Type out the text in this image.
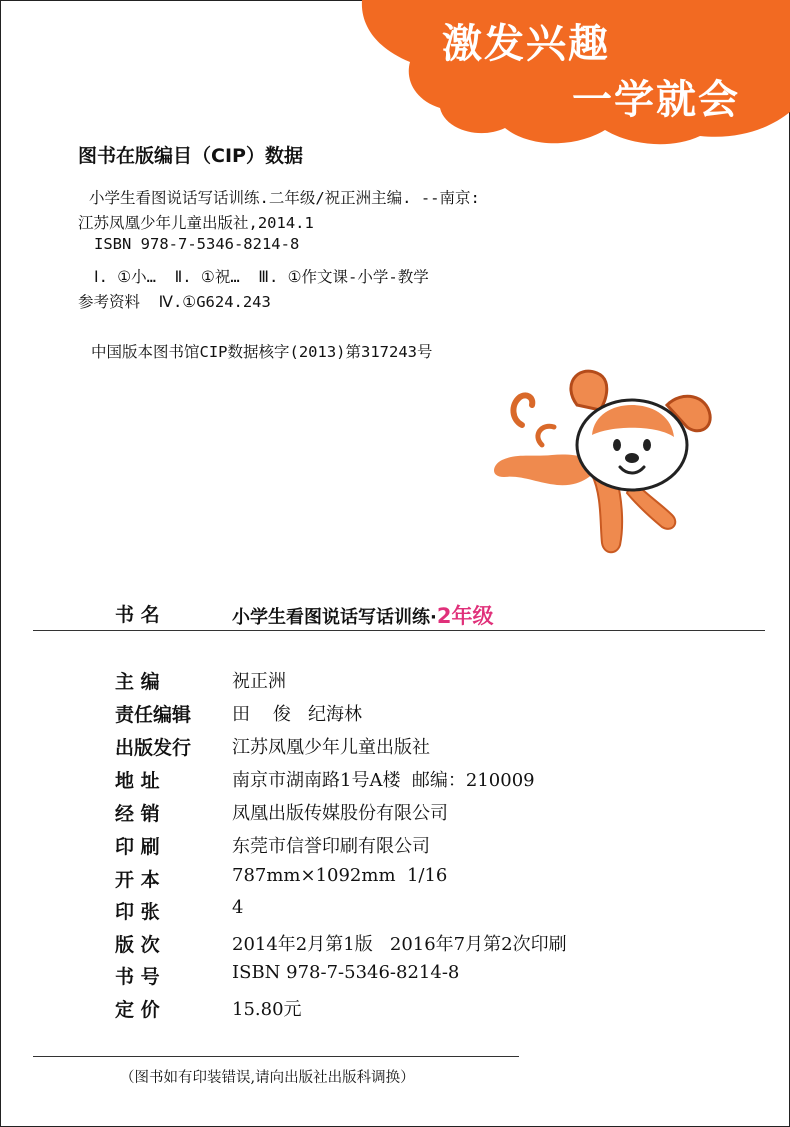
激发兴趣
一学就会
图书在版编目（CIP）数据
小学生看图说话写话训练.二年级/祝正洲主编. --南京:
江苏凤凰少年儿童出版社,2014.1
ISBN 978-7-5346-8214-8
Ⅰ. ①小…  Ⅱ. ①祝…  Ⅲ. ①作文课-小学-教学
参考资料  Ⅳ.①G624.243
中国版本图书馆CIP数据核字(2013)第317243号
书 名	小学生看图说话写话训练·2年级
主 编	祝正洲
责任编辑 田    俊   纪海林
出版发行 江苏凤凰少年儿童出版社
地 址	南京市湖南路1号A楼  邮编：210009
经 销	凤凰出版传媒股份有限公司
印 刷	东莞市信誉印刷有限公司
开 本	787mm×1092mm  1/16
印 张	4
版 次	2014年2月第1版   2016年7月第2次印刷
书 号	ISBN 978-7-5346-8214-8
定 价	15.80元
（图书如有印装错误,请向出版社出版科调换）
